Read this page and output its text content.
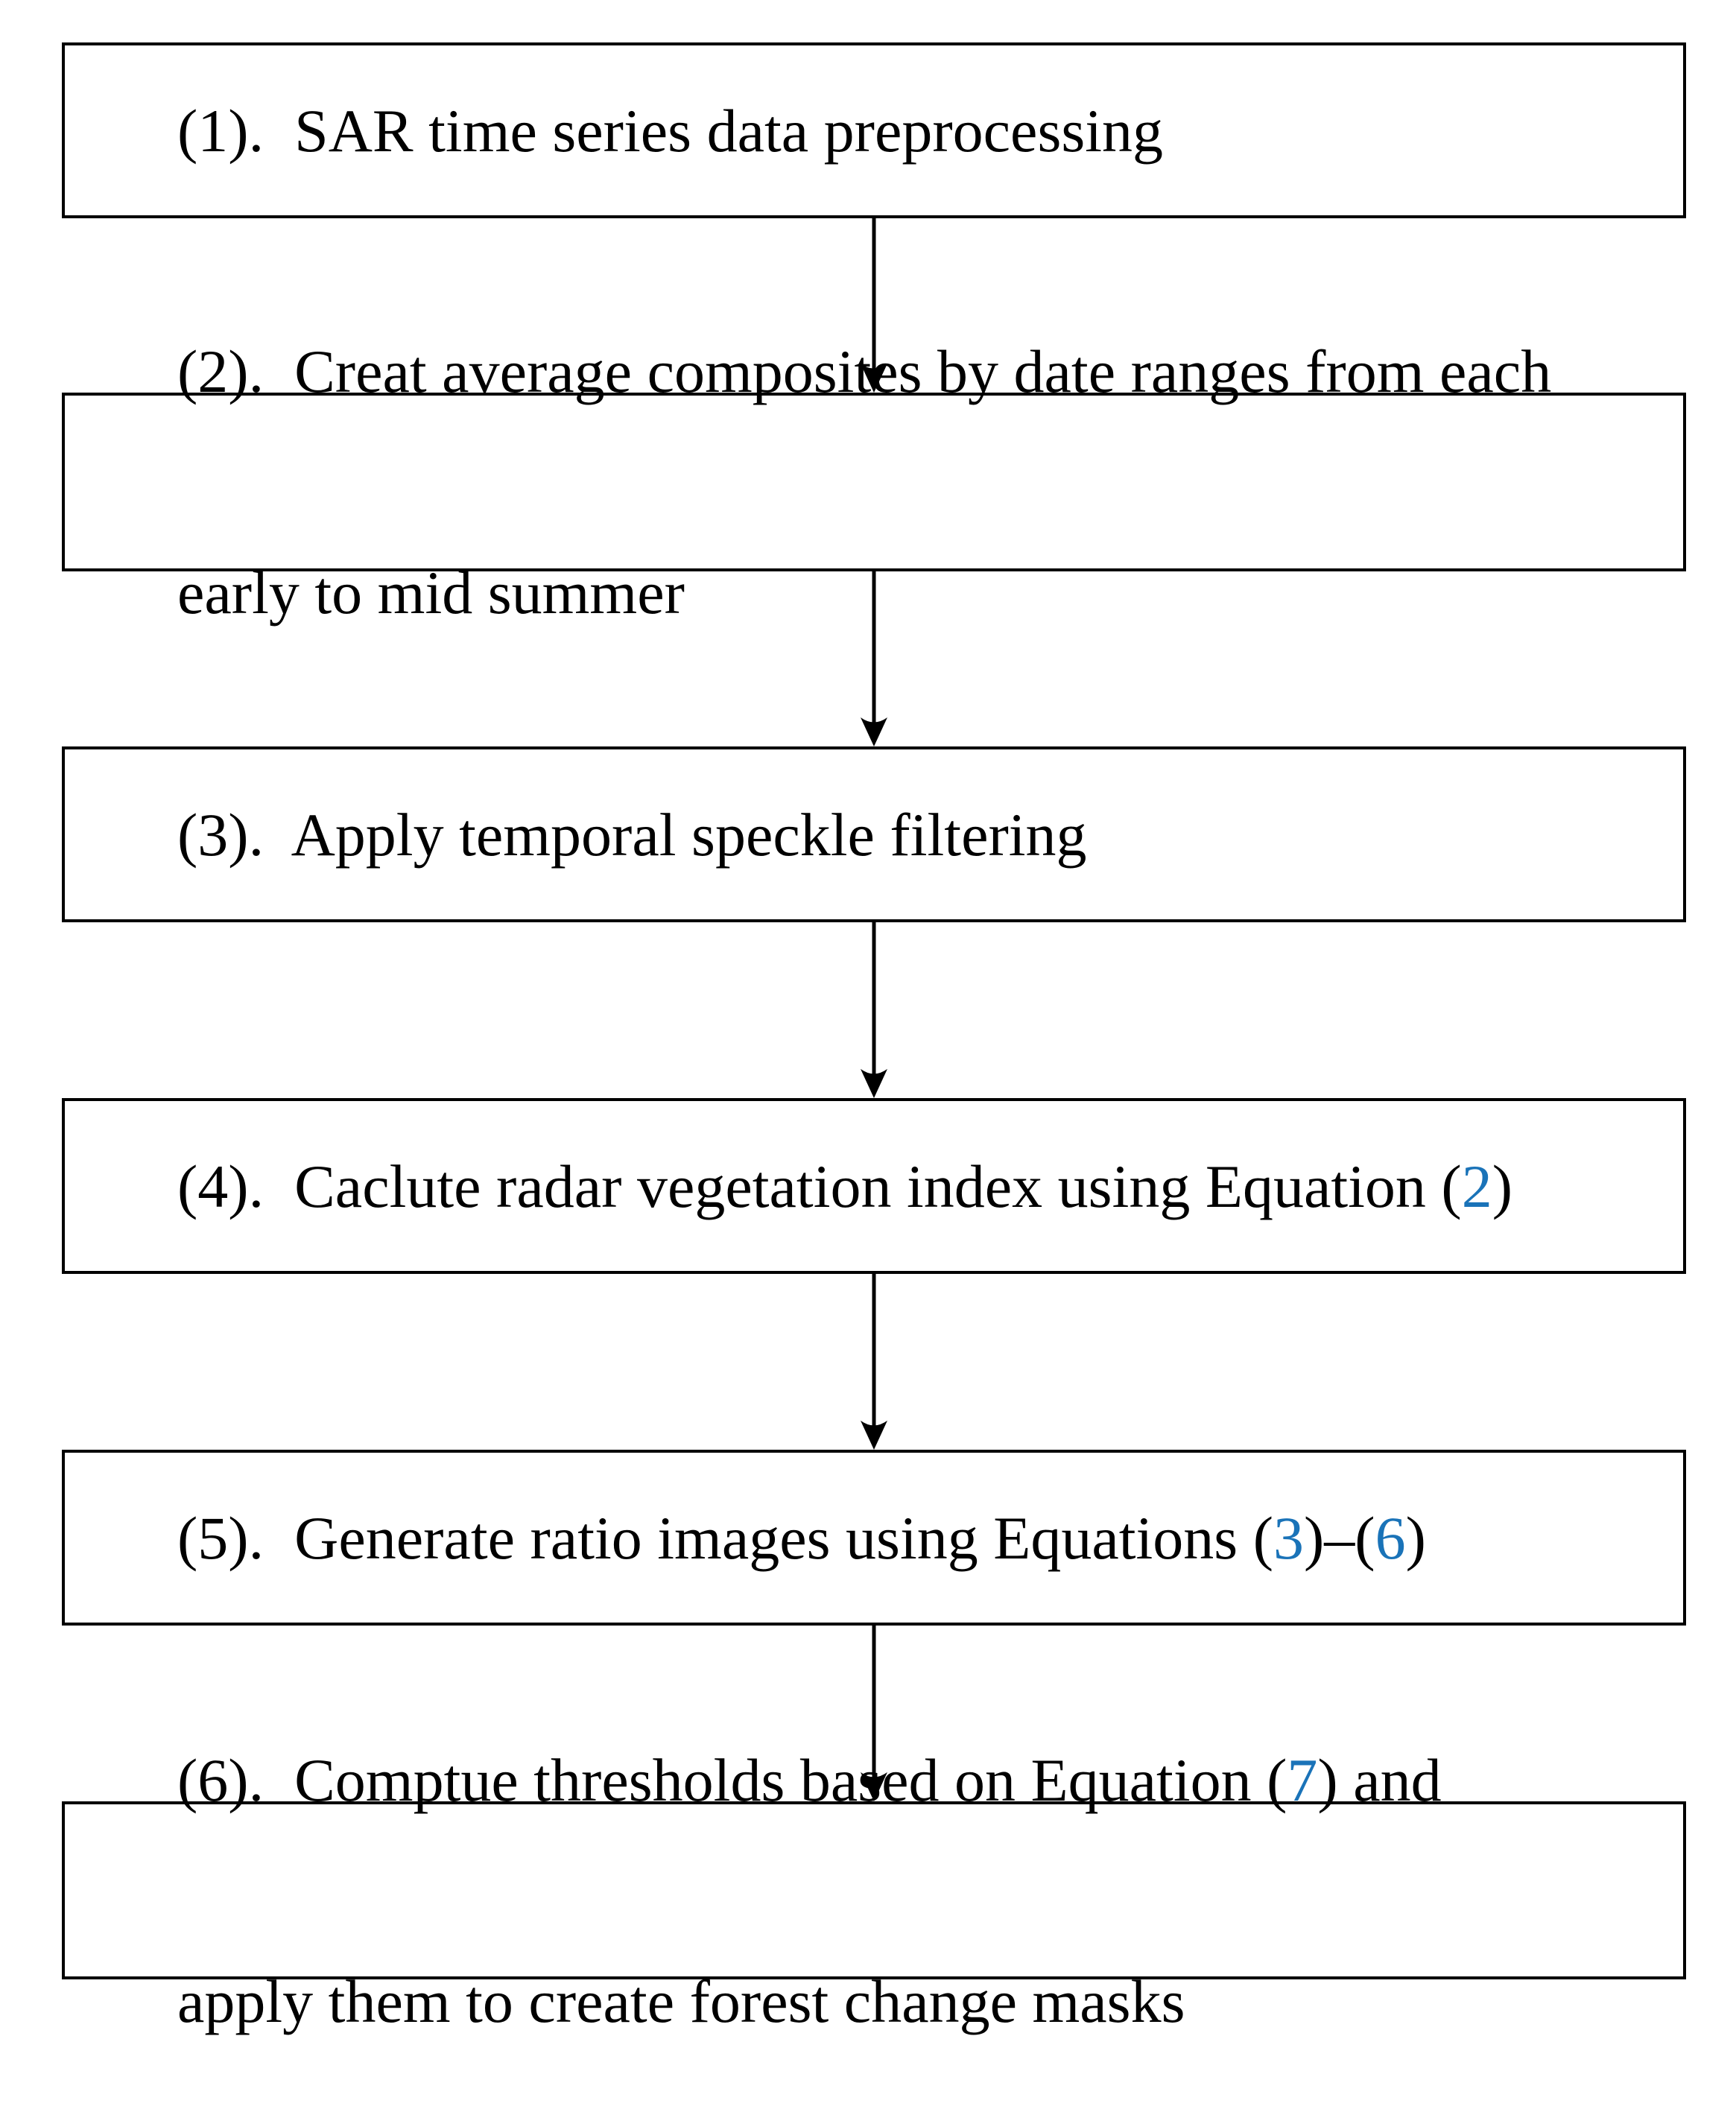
(1).  SAR time series data preprocessing

(2).  Creat average composites by date ranges from each

early to mid summer

(3).  Apply temporal speckle filtering

(4).  Caclute radar vegetation index using Equation (2)

(5).  Generate ratio images using Equations (3)–(6)

(6).  Comptue thresholds based on Equation (7) and

apply them to create forest change masks
